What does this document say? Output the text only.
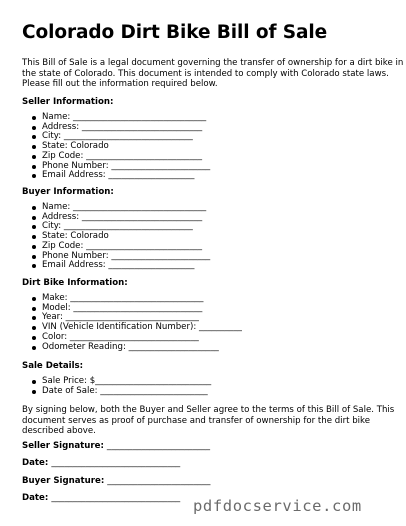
Colorado Dirt Bike Bill of Sale
This Bill of Sale is a legal document governing the transfer of ownership for a dirt bike in the state of Colorado. This document is intended to comply with Colorado state laws. Please fill out the information required below.
Seller Information:
Name: _______________________________
Address: ____________________________
City: ______________________________
State: Colorado
Zip Code: ___________________________
Phone Number: _______________________
Email Address: ____________________
Buyer Information:
Name: _______________________________
Address: ____________________________
City: ______________________________
State: Colorado
Zip Code: ___________________________
Phone Number: _______________________
Email Address: ____________________
Dirt Bike Information:
Make: _______________________________
Model: ______________________________
Year: _______________________________
VIN (Vehicle Identification Number): __________
Color: ______________________________
Odometer Reading: _____________________
Sale Details:
Sale Price: $___________________________
Date of Sale: _________________________
By signing below, both the Buyer and Seller agree to the terms of this Bill of Sale. This document serves as proof of purchase and transfer of ownership for the dirt bike described above.
Seller Signature: ________________________
Date: ______________________________
Buyer Signature: ________________________
Date: ______________________________ pdfdocservice.com
